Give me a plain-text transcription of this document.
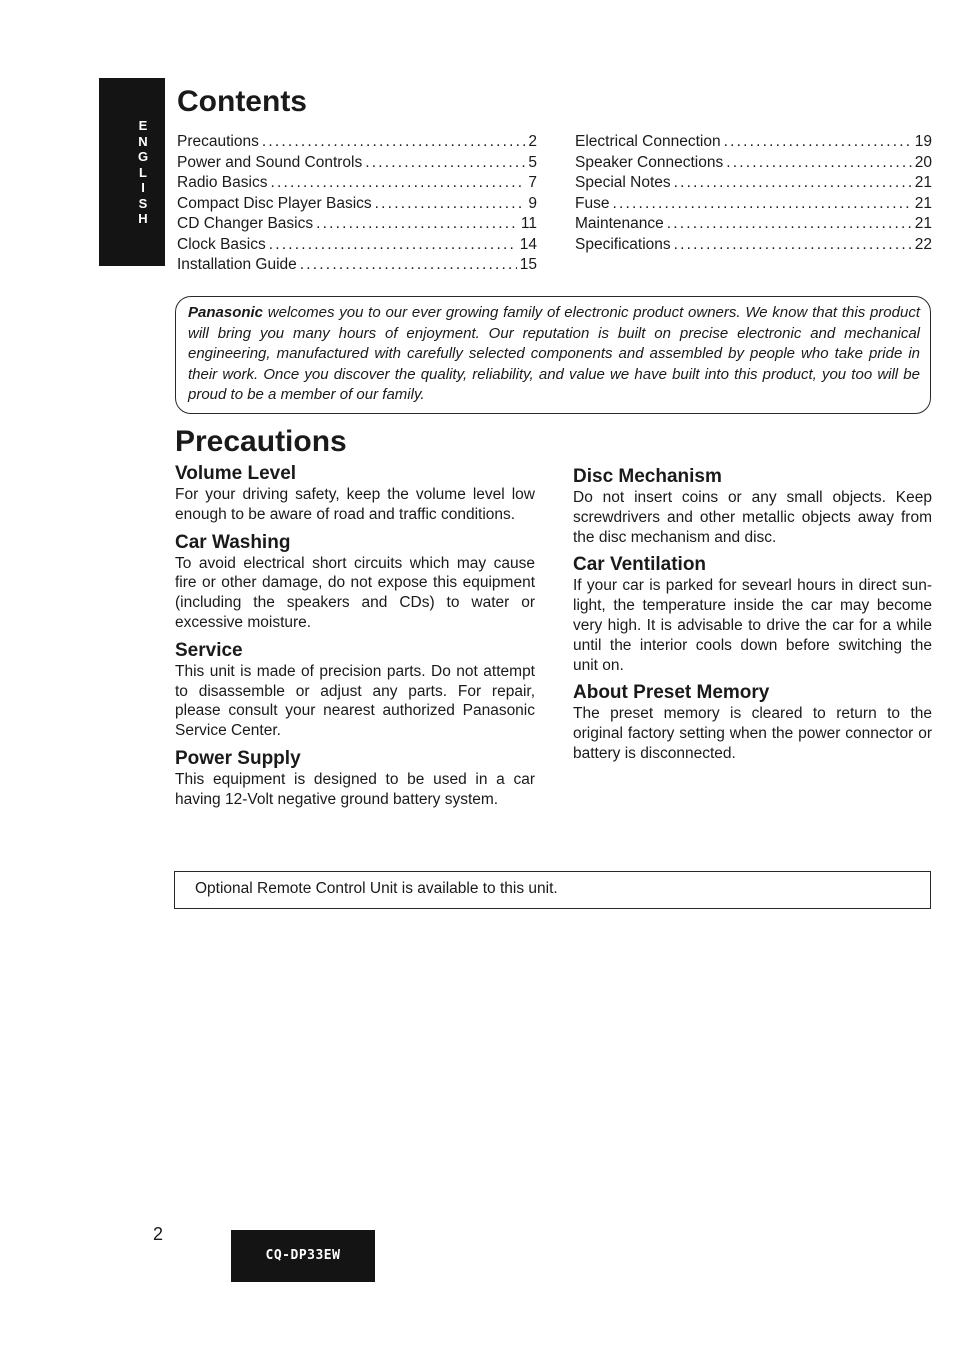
E
N
G
L
I
S
H
Contents
Precautions .....	2
Power and Sound Controls .....	5
Radio Basics .....	7
Compact Disc Player Basics .....	9
CD Changer Basics .....	11
Clock Basics .....	14
Installation Guide .....	15
Electrical Connection .....	19
Speaker Connections .....	20
Special Notes .....	21
Fuse .....	21
Maintenance .....	21
Specifications .....	22

Panasonic welcomes you to our ever growing family of electronic product owners. We know that this product will bring you many hours of enjoyment. Our reputation is built on precise electronic and mechanical engineering, manufactured with carefully selected components and assembled by people who take pride in their work. Once you discover the quality, reliability, and value we have built into this product, you too will be proud to be a member of our family.

Precautions
Volume Level

For your driving safety, keep the volume level low enough to be aware of road and traffic conditions.

Car Washing

To avoid electrical short circuits which may cause fire or other damage, do not expose this equipment (including the speakers and CDs) to water or excessive moisture.

Service

This unit is made of precision parts. Do not attempt to disassemble or adjust any parts. For repair, please consult your nearest authorized Panasonic Service Center.

Power Supply

This equipment is designed to be used in a car having 12-Volt negative ground battery system.

Disc Mechanism

Do not insert coins or any small objects. Keep screwdrivers and other metallic objects away from the disc mechanism and disc.

Car Ventilation

If your car is parked for sevearl hours in direct sun-light, the temperature inside the car may become very high. It is advisable to drive the car for a while until the interior cools down before switching the unit on.

About Preset Memory

The preset memory is cleared to return to the original factory setting when the power connector or battery is disconnected.

Optional Remote Control Unit is available to this unit.
2
CQ-DP33EW
